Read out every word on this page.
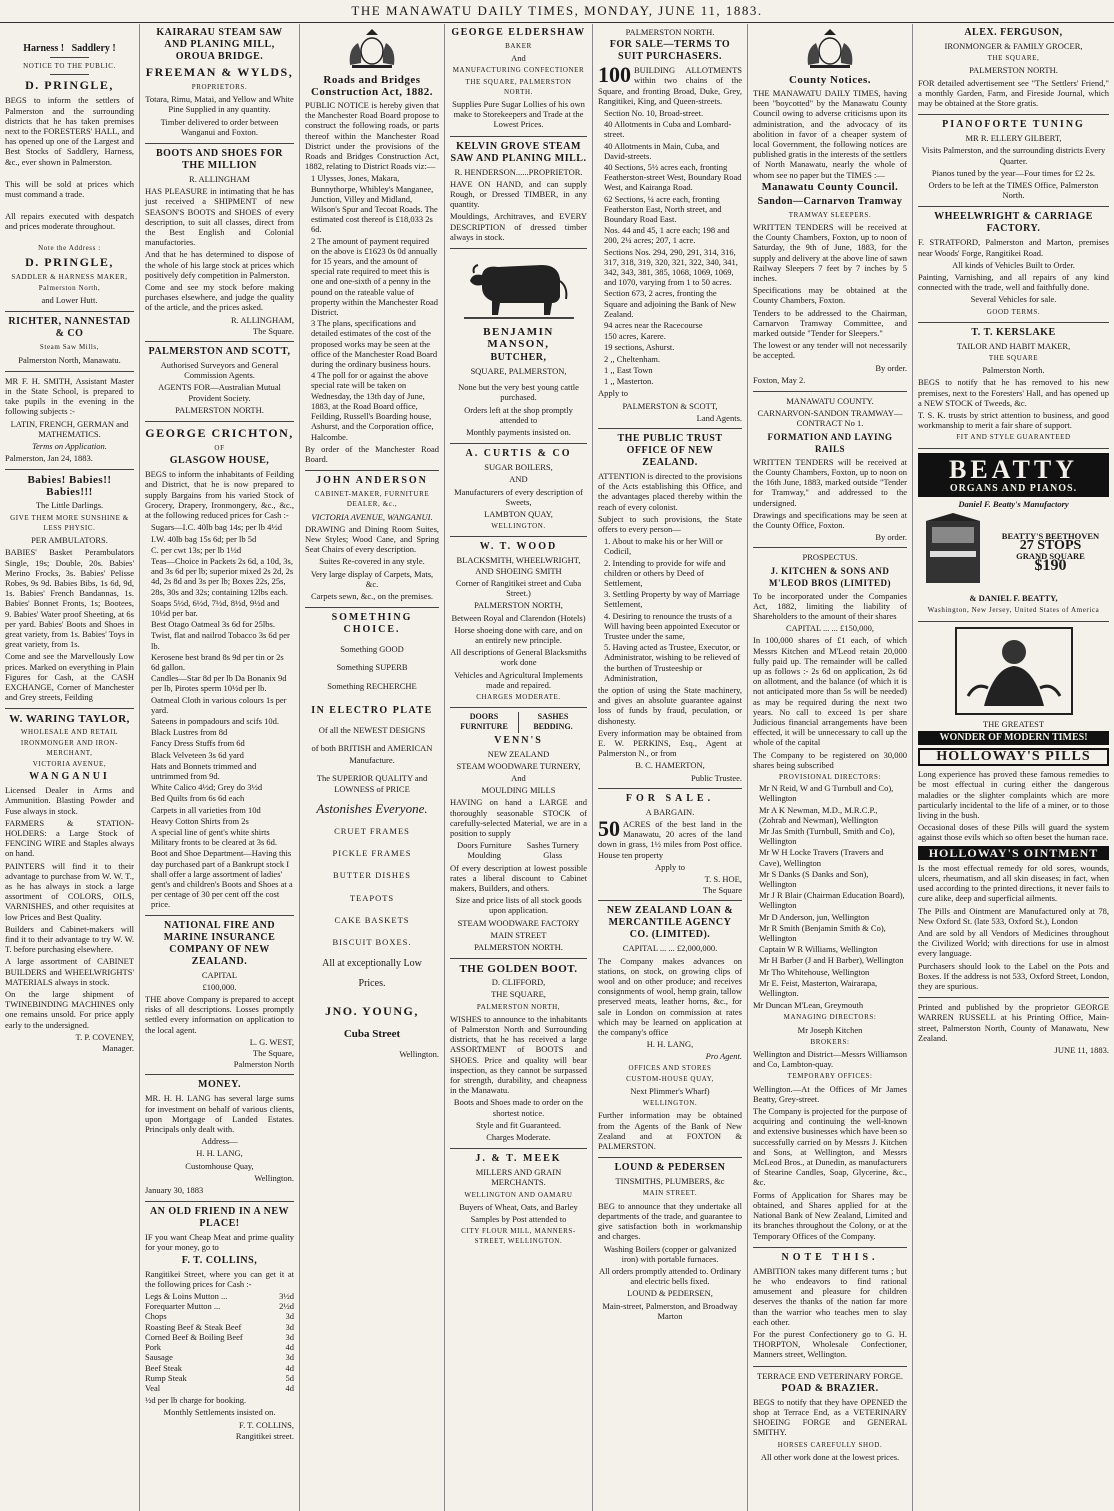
THE MANAWATU DAILY TIMES, MONDAY, JUNE 11, 1883.
Harness ! Saddlery !
NOTICE TO THE PUBLIC.
D. PRINGLE,
BEGS to inform the settlers of Palmerston and the surrounding districts that he has taken premises next to the FORESTERS' HALL, and has opened up one of the Largest and Best Stocks of Saddlery, Harness, &c., ever shown in Palmerston.
This will be sold at prices which must command a trade.
All repairs executed with despatch and prices moderate throughout.
Note the Address :
D. PRINGLE,
SADDLER & HARNESS MAKER,
Palmerston North,
and Lower Hutt.
RICHTER, NANNESTAD & CO
Steam Saw Mills,
Palmerston North, Manawatu.
MR F. H. SMITH, Assistant Master in the State School, is prepared to take pupils in the evening in the following subjects :-
LATIN, FRENCH, GERMAN and MATHEMATICS.
Terms on Application.
Palmerston, Jan 24, 1883.
Babies! Babies!! Babies!!!
The Little Darlings.
GIVE THEM MORE SUNSHINE & LESS PHYSIC.
PER AMBULATORS.
BABIES' Basket Perambulators Single, 19s; Double, 20s. Babies' Merino Frocks, 3s. Babies' Pelisse Robes, 9s 9d. Babies Bibs, 1s 6d, 9d, 1s. Babies' French Bandannas, 1s. Babies' Bonnet Fronts, 1s; Bootees, 9. Babies' Water proof Sheeting, at 6s per yard. Babies' Boots and Shoes in great variety, from 1s. Babies' Toys in great variety, from 1s.
Come and see the Marvellously Low prices. Marked on everything in Plain Figures for Cash, at the CASH EXCHANGE, Corner of Manchester and Grey streets, Feilding
W. WARING TAYLOR,
WHOLESALE AND RETAIL IRONMONGER AND IRON-MERCHANT,
VICTORIA AVENUE,
WANGANUI
Licensed Dealer in Arms and Ammunition. Blasting Powder and Fuse always in stock.
FARMERS & STATION-HOLDERS: a Large Stock of FENCING WIRE and Staples always on hand.
PAINTERS will find it to their advantage to purchase from W. W. T., as he has always in stock a large assortment of COLORS, OILS, VARNISHES, and other requisites at low Prices and Best Quality.
Builders and Cabinet-makers will find it to their advantage to try W. W. T. before purchasing elsewhere.
A large assortment of CABINET BUILDERS and WHEELWRIGHTS' MATERIALS always in stock.
On the large shipment of TWINEBINDING MACHINES only one remains unsold. For price apply early to the undersigned.
T. P. COVENEY,
Manager.
KAIRARAU STEAM SAW AND PLANING MILL, OROUA BRIDGE.
FREEMAN & WYLDS,
PROPRIETORS.
Totara, Rimu, Matai, and Yellow and White Pine Supplied in any quantity.
Timber delivered to order between Wanganui and Foxton.
BOOTS AND SHOES FOR THE MILLION
R. ALLINGHAM
HAS PLEASURE in intimating that he has just received a SHIPMENT of new SEASON'S BOOTS and SHOES of every description, to suit all classes, direct from the Best English and Colonial manufactories.
And that he has determined to dispose of the whole of his large stock at prices which positively defy competition in Palmerston.
Come and see my stock before making purchases elsewhere, and judge the quality of the article, and the prices asked.
R. ALLINGHAM,
The Square.
PALMERSTON AND SCOTT,
Authorised Surveyors and General Commission Agents.
AGENTS FOR—Australian Mutual Provident Society.
PALMERSTON NORTH.
GEORGE CRICHTON,
OF
GLASGOW HOUSE,
BEGS to inform the inhabitants of Feilding and District, that he is now prepared to supply Bargains from his varied Stock of Grocery, Drapery, Ironmongery, &c., &c., at the following reduced prices for Cash :-
Sugars—I.C. 40lb bag 14s; per lb 4½d
I.W. 40lb bag 15s 6d; per lb 5d
C. per cwt 13s; per lb 1½d
Teas—Choice in Packets 2s 6d, a 10d, 3s, and 3s 6d per lb; superior mixed 2s 2d, 2s 4d, 2s 8d and 3s per lb; Boxes 22s, 25s, 28s, 30s and 32s; containing 12lbs each.
Soaps 5½d, 6½d, 7½d, 8½d, 9½d and 10½d per bar.
Best Otago Oatmeal 3s 6d for 25lbs.
Twist, flat and nailrod Tobacco 3s 6d per lb.
Kerosene best brand 8s 9d per tin or 2s 6d gallon.
Candles—Star 8d per lb Da Bonanix 9d per lb, Pirotes sperm 10½d per lb.
Oatmeal Cloth in various colours 1s per yard.
Sateens in pompadours and scifs 10d.
Black Lustres from 8d
Fancy Dress Stuffs from 6d
Black Velveteen 3s 6d yard
Hats and Bonnets trimmed and untrimmed from 9d.
White Calico 4½d; Grey do 3½d
Bed Quilts from 6s 6d each
Carpets in all varieties from 10d
Heavy Cotton Shirts from 2s
A special line of gent's white shirts Military fronts to be cleared at 3s 6d.
Boot and Shoe Department—Having this day purchased part of a Bankrupt stock I shall offer a large assortment of ladies' gent's and children's Boots and Shoes at a per centage of 30 per cent off the cost price.
NATIONAL FIRE AND MARINE INSURANCE COMPANY OF NEW ZEALAND.
CAPITAL
£100,000.
THE above Company is prepared to accept risks of all descriptions. Losses promptly settled every information on application to the local agent.
L. G. WEST,
The Square,
Palmerston North
MONEY.
MR. H. H. LANG has several large sums for investment on behalf of various clients, upon Mortgage of Landed Estates. Principals only dealt with.
Address—
H. H. LANG,
Customhouse Quay,
Wellington.
January 30, 1883
AN OLD FRIEND IN A NEW PLACE!
IF you want Cheap Meat and prime quality for your money, go to
F. T. COLLINS,
Rangitikei Street, where you can get it at the following prices for Cash :-
Legs & Loins Mutton ...	3½d
Forequarter Mutton ...	2½d
Chops	3d
Roasting Beef & Steak Beef	3d
Corned Beef & Boiling Beef	3d
Pork	4d
Sausage	3d
Beef Steak	4d
Rump Steak	5d
Veal	4d
½d per lb charge for booking.
Monthly Settlements insisted on.
F. T. COLLINS,
Rangitikei street.
Roads and Bridges Construction Act, 1882.
PUBLIC NOTICE is hereby given that the Manchester Road Board propose to construct the following roads, or parts thereof within the Manchester Road District under the provisions of the Roads and Bridges Construction Act, 1882, relating to District Roads viz:—
1 Ulysses, Jones, Makara, Bunnythorpe, Whibley's Manganee, Junction, Villey and Midland, Wilson's Spur and Tecoat Roads. The estimated cost thereof is £18,033 2s 6d.
2 The amount of payment required on the above is £1623 0s 0d annually for 15 years, and the amount of special rate required to meet this is one and one-sixth of a penny in the pound on the rateable value of property within the Manchester Road District.
3 The plans, specifications and detailed estimates of the cost of the proposed works may be seen at the office of the Manchester Road Board during the ordinary business hours.
4 The poll for or against the above special rate will be taken on Wednesday, the 13th day of June, 1883, at the Road Board office, Feilding, Russell's Boarding house, Ashurst, and the Corporation office, Halcombe.
By order of the Manchester Road Board.
JOHN ANDERSON
CABINET-MAKER, FURNITURE DEALER, &c.,
VICTORIA AVENUE, WANGANUI.
DRAWING and Dining Room Suites, New Styles; Wood Cane, and Spring Seat Chairs of every description.
Suites Re-covered in any style.
Very large display of Carpets, Mats, &c.
Carpets sewn, &c., on the premises.
SOMETHING CHOICE.
Something GOOD
Something SUPERB
Something RECHERCHE
IN ELECTRO PLATE
Of all the NEWEST DESIGNS
of both BRITISH and AMERICAN
Manufacture.
The SUPERIOR QUALITY and LOWNESS of PRICE
Astonishes Everyone.
CRUET FRAMES
PICKLE FRAMES
BUTTER DISHES
TEAPOTS
CAKE BASKETS
BISCUIT BOXES.
All at exceptionally Low
Prices.
JNO. YOUNG,
Cuba Street
Wellington.
GEORGE ELDERSHAW
BAKER
And
MANUFACTURING CONFECTIONER
THE SQUARE, PALMERSTON NORTH.
Supplies Pure Sugar Lollies of his own make to Storekeepers and Trade at the Lowest Prices.
KELVIN GROVE STEAM SAW AND PLANING MILL.
R. HENDERSON......PROPRIETOR.
HAVE ON HAND, and can supply Rough, or Dressed TIMBER, in any quantity.
Mouldings, Architraves, and EVERY DESCRIPTION of dressed timber always in stock.
BENJAMIN MANSON,
BUTCHER,
SQUARE, PALMERSTON,
None but the very best young cattle purchased.
Orders left at the shop promptly attended to
Monthly payments insisted on.
A. CURTIS & CO
SUGAR BOILERS,
AND
Manufacturers of every description of Sweets,
LAMBTON QUAY,
WELLINGTON.
W. T. WOOD
BLACKSMITH, WHEELWRIGHT, AND SHOEING SMITH
Corner of Rangitikei street and Cuba Street.)
PALMERSTON NORTH,
Between Royal and Clarendon (Hotels)
Horse shoeing done with care, and on an entirely new principle.
All descriptions of General Blacksmiths work done
Vehicles and Agricultural Implements made and repaired.
CHARGES MODERATE.
DOORS FURNITURE
SASHES BEDDING.
VENN'S
NEW ZEALAND
STEAM WOODWARE TURNERY,
And
MOULDING MILLS
HAVING on hand a LARGE and thoroughly seasonable STOCK of carefully-selected Material, we are in a position to supply
Doors Furniture Moulding
Sashes Turnery Glass
Of every description at lowest possible rates a liberal discount to Cabinet makers, Builders, and others.
Size and price lists of all stock goods upon application.
STEAM WOODWARE FACTORY
MAIN STREET
PALMERSTON NORTH.
THE GOLDEN BOOT.
D. CLIFFORD,
THE SQUARE,
PALMERSTON NORTH,
WISHES to announce to the inhabitants of Palmerston North and Surrounding districts, that he has received a large ASSORTMENT of BOOTS and SHOES. Price and quality will bear inspection, as they cannot be surpassed for strength, durability, and cheapness in the Manawatu.
Boots and Shoes made to order on the shortest notice.
Style and fit Guaranteed.
Charges Moderate.
J. & T. MEEK
MILLERS AND GRAIN MERCHANTS.
WELLINGTON AND OAMARU
Buyers of Wheat, Oats, and Barley
Samples by Post attended to
CITY FLOUR MILL, MANNERS-STREET, WELLINGTON.
PALMERSTON NORTH.
FOR SALE—TERMS TO SUIT PURCHASERS.
100 BUILDING ALLOTMENTS within two chains of the Square, and fronting Broad, Duke, Grey, Rangitikei, King, and Queen-streets.
Section No. 10, Broad-street.
40 Allotments in Cuba and Lombard-street.
40 Allotments in Main, Cuba, and David-streets.
40 Sections, 5½ acres each, fronting Featherston-street West, Boundary Road West, and Kairanga Road.
62 Sections, ¼ acre each, fronting Featherston East, North street, and Boundary Road East.
Nos. 44 and 45, 1 acre each; 198 and 200, 2¼ acres; 207, 1 acre.
Sections Nos. 294, 290, 291, 314, 316, 317, 318, 319, 320, 321, 322, 340, 341, 342, 343, 381, 385, 1068, 1069, 1069, and 1070, varying from 1 to 50 acres.
Section 673, 2 acres, fronting the Square and adjoining the Bank of New Zealand.
94 acres near the Racecourse
150 acres, Karere.
19 sections, Ashurst.
2 ,, Cheltenham.
1 ,, East Town
1 ,, Masterton.
Apply to
PALMERSTON & SCOTT,
Land Agents.
THE PUBLIC TRUST OFFICE OF NEW ZEALAND.
ATTENTION is directed to the provisions of the Acts establishing this Office, and the advantages placed thereby within the reach of every colonist.
Subject to such provisions, the State offers to every person—
1. About to make his or her Will or Codicil,
2. Intending to provide for wife and children or others by Deed of Settlement,
3. Settling Property by way of Marriage Settlement,
4. Desiring to renounce the trusts of a Will having been appointed Executor or Trustee under the same,
5. Having acted as Trustee, Executor, or Administrator, wishing to be relieved of the burthen of Trusteeship or Administration,
the option of using the State machinery, and gives an absolute guarantee against loss of funds by fraud, peculation, or dishonesty.
Every information may be obtained from E. W. PERKINS, Esq., Agent at Palmerston N., or from
B. C. HAMERTON,
Public Trustee.
FOR SALE.
A BARGAIN.
50 ACRES of the best land in the Manawatu, 20 acres of the land down in grass, 1½ miles from Post office. House ten property
Apply to
T. S. HOE,
The Square
NEW ZEALAND LOAN & MERCANTILE AGENCY CO. (LIMITED).
CAPITAL ... ... £2,000,000.
The Company makes advances on stations, on stock, on growing clips of wool and on other produce; and receives consignments of wool, hemp grain, tallow preserved meats, leather horns, &c., for sale in London on commission at rates which may be learned on application at the company's office
H. H. LANG,
Pro Agent.
OFFICES AND STORES
CUSTOM-HOUSE QUAY,
Next Plimmer's Wharf)
WELLINGTON.
Further information may be obtained from the Agents of the Bank of New Zealand and at FOXTON & PALMERSTON.
LOUND & PEDERSEN
TINSMITHS, PLUMBERS, &c
MAIN STREET.
BEG to announce that they undertake all departments of the trade, and guarantee to give satisfaction both in workmanship and charges.
Washing Boilers (copper or galvanized iron) with portable furnaces.
All orders promptly attended to. Ordinary and electric bells fixed.
LOUND & PEDERSEN,
Main-street, Palmerston, and Broadway Marton
County Notices.
THE MANAWATU DAILY TIMES, having been "boycotted" by the Manawatu County Council owing to adverse criticisms upon its administration, and the advocacy of its abolition in favor of a cheaper system of local Government, the following notices are published gratis in the interests of the settlers of North Manawatu, nearly the whole of whom see no paper but the TIMES :—
Manawatu County Council.
Sandon—Carnarvon Tramway
TRAMWAY SLEEPERS.
WRITTEN TENDERS will be received at the County Chambers, Foxton, up to noon of Saturday, the 9th of June, 1883, for the supply and delivery at the above line of sawn Railway Sleepers 7 feet by 7 inches by 5 inches.
Specifications may be obtained at the County Chambers, Foxton.
Tenders to be addressed to the Chairman, Carnarvon Tramway Committee, and marked outside "Tender for Sleepers."
The lowest or any tender will not necessarily be accepted.
By order.
Foxton, May 2.
MANAWATU COUNTY.
CARNARVON-SANDON TRAMWAY—CONTRACT No 1.
FORMATION AND LAYING RAILS
WRITTEN TENDERS will be received at the County Chambers, Foxton, up to noon on the 16th June, 1883, marked outside "Tender for Tramway," and addressed to the undersigned.
Drawings and specifications may be seen at the County Office, Foxton.
By order.
PROSPECTUS.
J. KITCHEN & SONS AND M'LEOD BROS (LIMITED)
To be incorporated under the Companies Act, 1882, limiting the liability of Shareholders to the amount of their shares
CAPITAL ... ... £150,000,
In 100,000 shares of £1 each, of which Messrs Kitchen and M'Leod retain 20,000 fully paid up. The remainder will be called up as follows :- 2s 6d on application, 2s 6d on allotment, and the balance (of which it is not anticipated more than 5s will be needed) as may be required during the next two years. No call to exceed 1s per share Judicious financial arrangements have been effected, it will be unnecessary to call up the whole of the capital
The Company to be registered on 30,000 shares being subscribed
PROVISIONAL DIRECTORS:
Mr N Reid, W and G Turnbull and Co), Wellington
Mr A K Newman, M.D., M.R.C.P., (Zohrab and Newman), Wellington
Mr Jas Smith (Turnbull, Smith and Co), Wellington
Mr W H Locke Travers (Travers and Cave), Wellington
Mr S Danks (S Danks and Son), Wellington
Mr J R Blair (Chairman Education Board), Wellington
Mr D Anderson, jun, Wellington
Mr R Smith (Benjamin Smith & Co), Wellington
Captain W R Williams, Wellington
Mr H Barber (J and H Barber), Wellington
Mr Tho Whitehouse, Wellington
Mr E. Feist, Masterton, Wairarapa, Wellington.
Mr Duncan M'Lean, Greymouth
MANAGING DIRECTORS:
Mr Joseph Kitchen
BROKERS:
Wellington and District—Messrs Williamson and Co, Lambton-quay.
TEMPORARY OFFICES:
Wellington.—At the Offices of Mr James Beatty, Grey-street.
The Company is projected for the purpose of acquiring and continuing the well-known and extensive businesses which have been so successfully carried on by Messrs J. Kitchen and Sons, at Wellington, and Messrs McLeod Bros., at Dunedin, as manufacturers of Stearine Candles, Soap, Glycerine, &c., &c.
Forms of Application for Shares may be obtained, and Shares applied for at the National Bank of New Zealand, Limited and its branches throughout the Colony, or at the Temporary Offices of the Company.
NOTE THIS.
AMBITION takes many different turns ; but he who endeavors to find rational amusement and pleasure for children deserves the thanks of the nation far more than the warrior who teaches men to slay each other.
For the purest Confectionery go to G. H. THORPTON, Wholesale Confectioner, Manners street, Wellington.
TERRACE END VETERINARY FORGE.
POAD & BRAZIER.
BEGS to notify that they have OPENED the shop at Terrace End, as a VETERINARY SHOEING FORGE and GENERAL SMITHY.
HORSES CAREFULLY SHOD.
All other work done at the lowest prices.
ALEX. FERGUSON,
IRONMONGER & FAMILY GROCER,
THE SQUARE,
PALMERSTON NORTH.
FOR detailed advertisement see "The Settlers' Friend," a monthly Garden, Farm, and Fireside Journal, which may be obtained at the Store gratis.
PIANOFORTE TUNING
MR R. ELLERY GILBERT,
Visits Palmerston, and the surrounding districts Every Quarter.
Pianos tuned by the year—Four times for £2 2s.
Orders to be left at the TIMES Office, Palmerston North.
WHEELWRIGHT & CARRIAGE FACTORY.
F. STRATFORD, Palmerston and Marton, premises near Woods' Forge, Rangitikei Road.
All kinds of Vehicles Built to Order.
Painting, Varnishing, and all repairs of any kind connected with the trade, well and faithfully done.
Several Vehicles for sale.
GOOD TERMS.
T. T. KERSLAKE
TAILOR AND HABIT MAKER,
THE SQUARE
Palmerston North.
BEGS to notify that he has removed to his new premises, next to the Foresters' Hall, and has opened up a NEW STOCK of Tweeds, &c.
T. S. K. trusts by strict attention to business, and good workmanship to merit a fair share of support.
FIT AND STYLE GUARANTEED
BEATTY
ORGANS AND PIANOS.
Daniel F. Beatty's Manufactory
BEATTY'S BEETHOVEN
27 STOPS
GRAND SQUARE
$190
& DANIEL F. BEATTY,
Washington, New Jersey, United States of America
THE GREATEST
WONDER OF MODERN TIMES!
HOLLOWAY'S PILLS
Long experience has proved these famous remedies to be most effectual in curing either the dangerous maladies or the slighter complaints which are more particularly incidental to the life of a miner, or to those living in the bush.
Occasional doses of these Pills will guard the system against those evils which so often beset the human race.
HOLLOWAY'S OINTMENT
Is the most effectual remedy for old sores, wounds, ulcers, rheumatism, and all skin diseases; in fact, when used according to the printed directions, it never fails to cure alike, deep and superficial ailments.
The Pills and Ointment are Manufactured only at 78, New Oxford St. (late 533, Oxford St.), London
And are sold by all Vendors of Medicines throughout the Civilized World; with directions for use in almost every language.
Purchasers should look to the Label on the Pots and Boxes. If the address is not 533, Oxford Street, London, they are spurious.
Printed and published by the proprietor GEORGE WARREN RUSSELL at his Printing Office, Main-street, Palmerston North, County of Manawatu, New Zealand.
JUNE 11, 1883.
